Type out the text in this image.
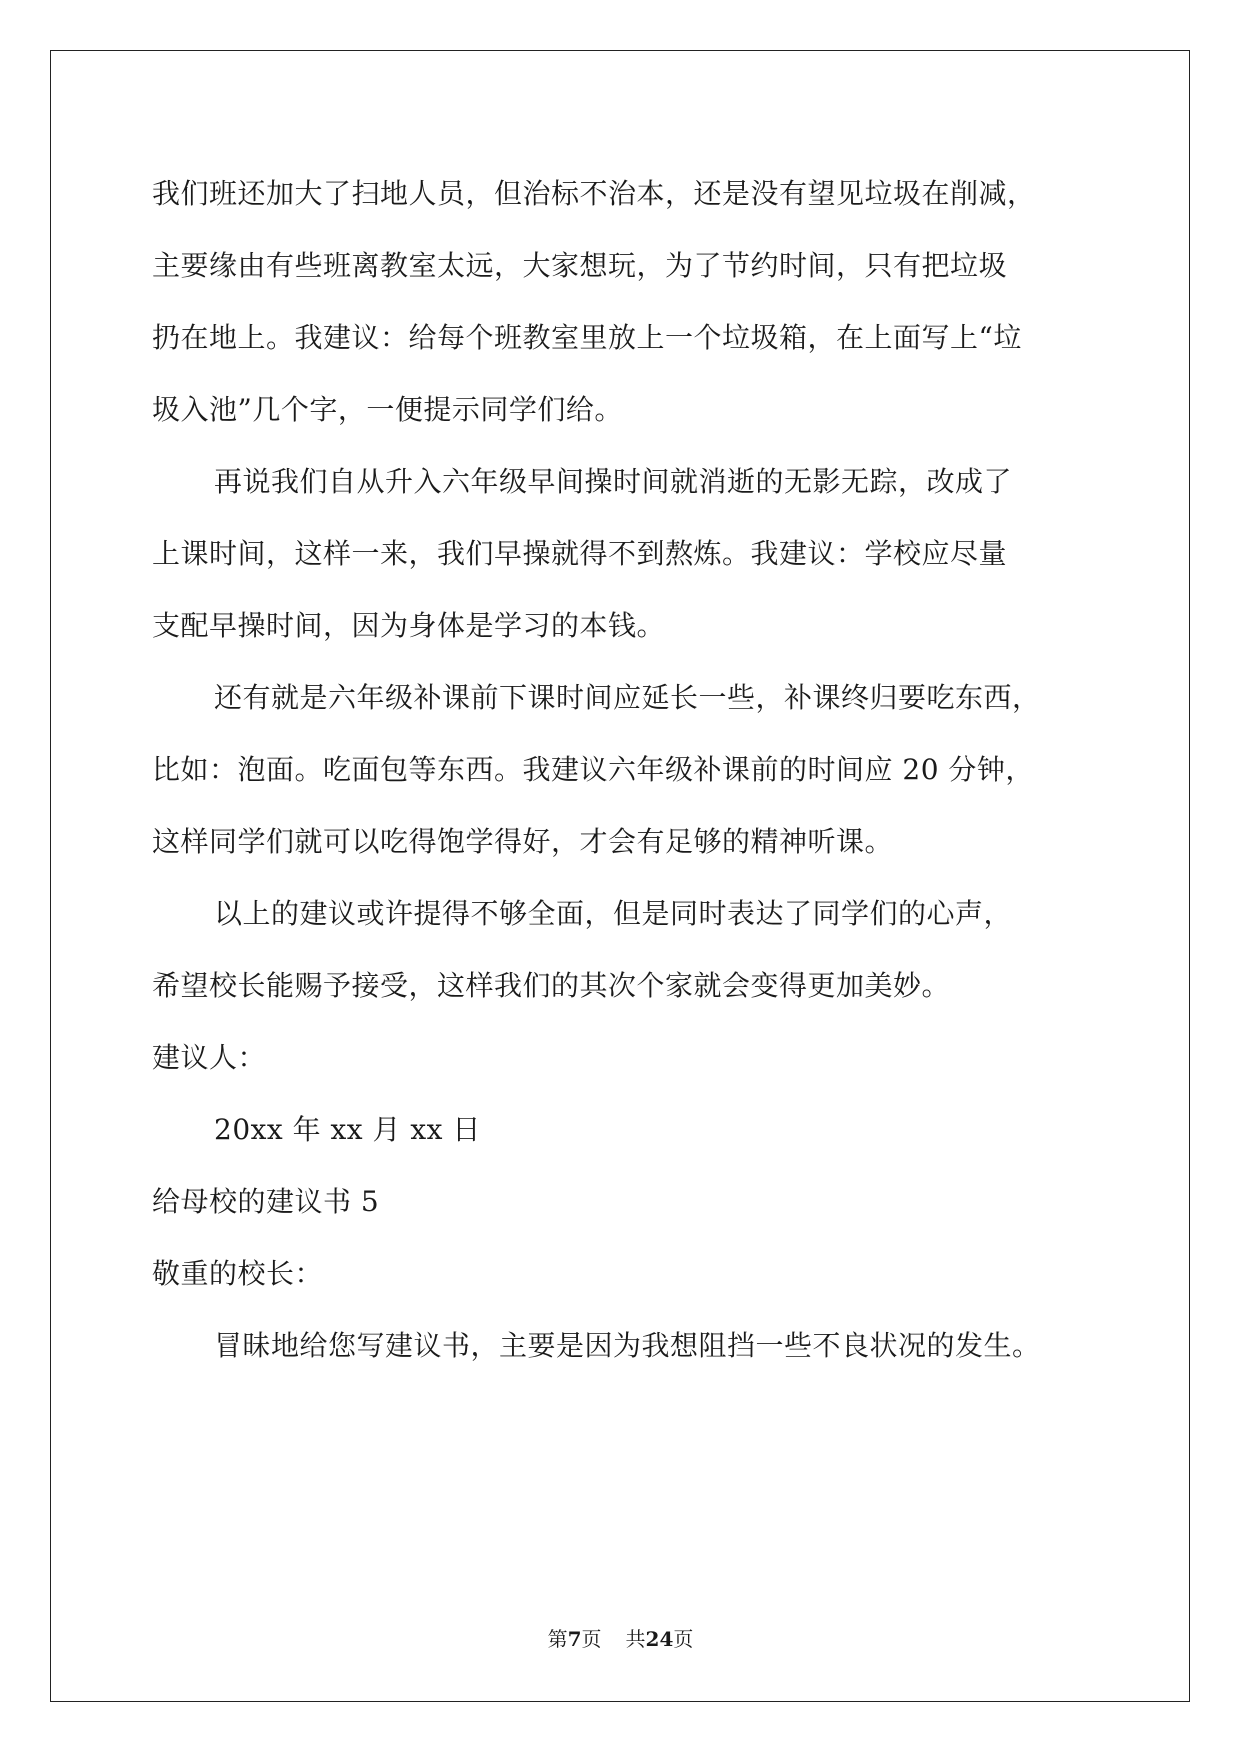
我们班还加大了扫地人员，但治标不治本，还是没有望见垃圾在削减，
主要缘由有些班离教室太远，大家想玩，为了节约时间，只有把垃圾
扔在地上。我建议：给每个班教室里放上一个垃圾箱，在上面写上“垃
圾入池”几个字，一便提示同学们给。
再说我们自从升入六年级早间操时间就消逝的无影无踪，改成了
上课时间，这样一来，我们早操就得不到熬炼。我建议：学校应尽量
支配早操时间，因为身体是学习的本钱。
还有就是六年级补课前下课时间应延长一些，补课终归要吃东西，
比如：泡面。吃面包等东西。我建议六年级补课前的时间应 20 分钟，
这样同学们就可以吃得饱学得好，才会有足够的精神听课。
以上的建议或许提得不够全面，但是同时表达了同学们的心声，
希望校长能赐予接受，这样我们的其次个家就会变得更加美妙。
建议人：
20xx 年 xx 月 xx 日
给母校的建议书 5
敬重的校长：
冒昧地给您写建议书，主要是因为我想阻挡一些不良状况的发生。
第7页 共24页
